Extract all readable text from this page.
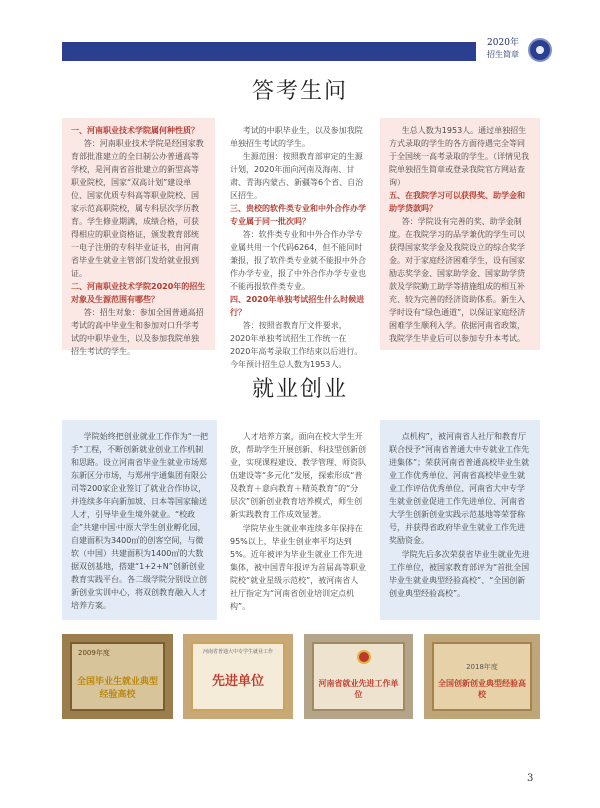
2020年
招生简章
答考生问

一、河南职业技术学院属何种性质？

答：河南职业技术学院是经国家教育部批准建立的全日制公办普通高等学校，是河南省首批建立的新型高等职业院校，国家“双高计划”建设单位、国家优质专科高等职业院校、国家示范高职院校，属专科层次学历教育。学生修业期满，成绩合格，可获得相应的职业资格证，颁发教育部统一电子注册的专科毕业证书，由河南省毕业生就业主管部门发给就业报到证。

二、河南职业技术学院2020年的招生对象及生源范围有哪些？

答：招生对象：参加全国普通高招考试的高中毕业生和参加对口升学考试的中职毕业生，以及参加我院单独招生考试的学生。

考试的中职毕业生，以及参加我院单独招生考试的学生。

生源范围：按照教育部审定的生源计划，2020年面向河南及海南、甘肃、青海内蒙古、新疆等6个省、自治区招生。

三、贵校的软件类专业和中外合作办学专业属于同一批次吗？

答：软件类专业和中外合作办学专业属共用一个代码6264，但不能同时兼报，报了软件类专业就不能报中外合作办学专业，报了中外合作办学专业也不能再报软件类专业。

四、2020年单独考试招生什么时候进行？

答：按照省教育厅文件要求，2020年单独考试招生工作统一在2020年高考录取工作结束以后进行。今年预计招生总人数为1953人。

生总人数为1953人。通过单独招生方式录取的学生的各方面待遇完全等同于全国统一高考录取的学生。（详情见我院单独招生简章或登录我院官方网站查询）

五、在我院学习可以获得奖、助学金和助学贷款吗？

答：学院设有完善的奖、助学金制度。在我院学习的品学兼优的学生可以获得国家奖学金及我院设立的综合奖学金。对于家庭经济困难学生，设有国家励志奖学金、国家助学金、国家助学贷款及学院勤工助学等措施组成的相互补充、较为完善的经济资助体系。新生入学时设有“绿色通道”，以保证家庭经济困难学生顺利入学。依据河南省政策，我院学生毕业后可以参加专升本考试。

就业创业
学院始终把创业就业工作作为“一把手”工程，不断创新就业创业工作机制和思路。设立河南省毕业生就业市场郑东新区分市场，与郑州宇通集团有限公司等200家企业签订了就业合作协议，并连续多年向新加坡、日本等国家输送人才，引导毕业生境外就业。“校政企”共建中国·中原大学生创业孵化园，自建面积为3400㎡的创客空间，与微软（中国）共建面积为1400㎡的大数据双创基地，搭建“1+2+N”创新创业教育实践平台。各二级学院分别设立创新创业实训中心，将双创教育融入人才培养方案。

人才培养方案，面向在校大学生开放，帮助学生开展创新、科技型创新创业，实现课程建设、教学管理、师资队伍建设等“多元化”发展，探索形成“普及教育＋意向教育＋精英教育”的“分层次”创新创业教育培养模式，师生创新实践教育工作成效显著。

学院毕业生就业率连续多年保持在95%以上，毕业生创业率平均达到5%。近年被评为毕业生就业工作先进集体，被中国青年报评为首届高等职业院校“就业星级示范校”，被河南省人社厅指定为“河南省创业培训定点机构”。

点机构”，被河南省人社厅和教育厅联合授予“河南省普通大中专就业工作先进集体”；荣获河南省普通高校毕业生就业工作优秀单位、河南省高校毕业生就业工作评估优秀单位、河南省大中专学生就业创业促进工作先进单位、河南省大学生创新创业实践示范基地等荣誉称号，并获得省政府毕业生就业工作先进奖励资金。

学院先后多次荣获省毕业生就业先进工作单位，被国家教育部评为“首批全国毕业生就业典型经验高校”、“全国创新创业典型经验高校”。

2009年度
全国毕业生就业典型经验高校
河南省普通大中专学生就业工作
先进单位	河南省就业先进工作单位
2018年度
全国创新创业典型经验高校
3
